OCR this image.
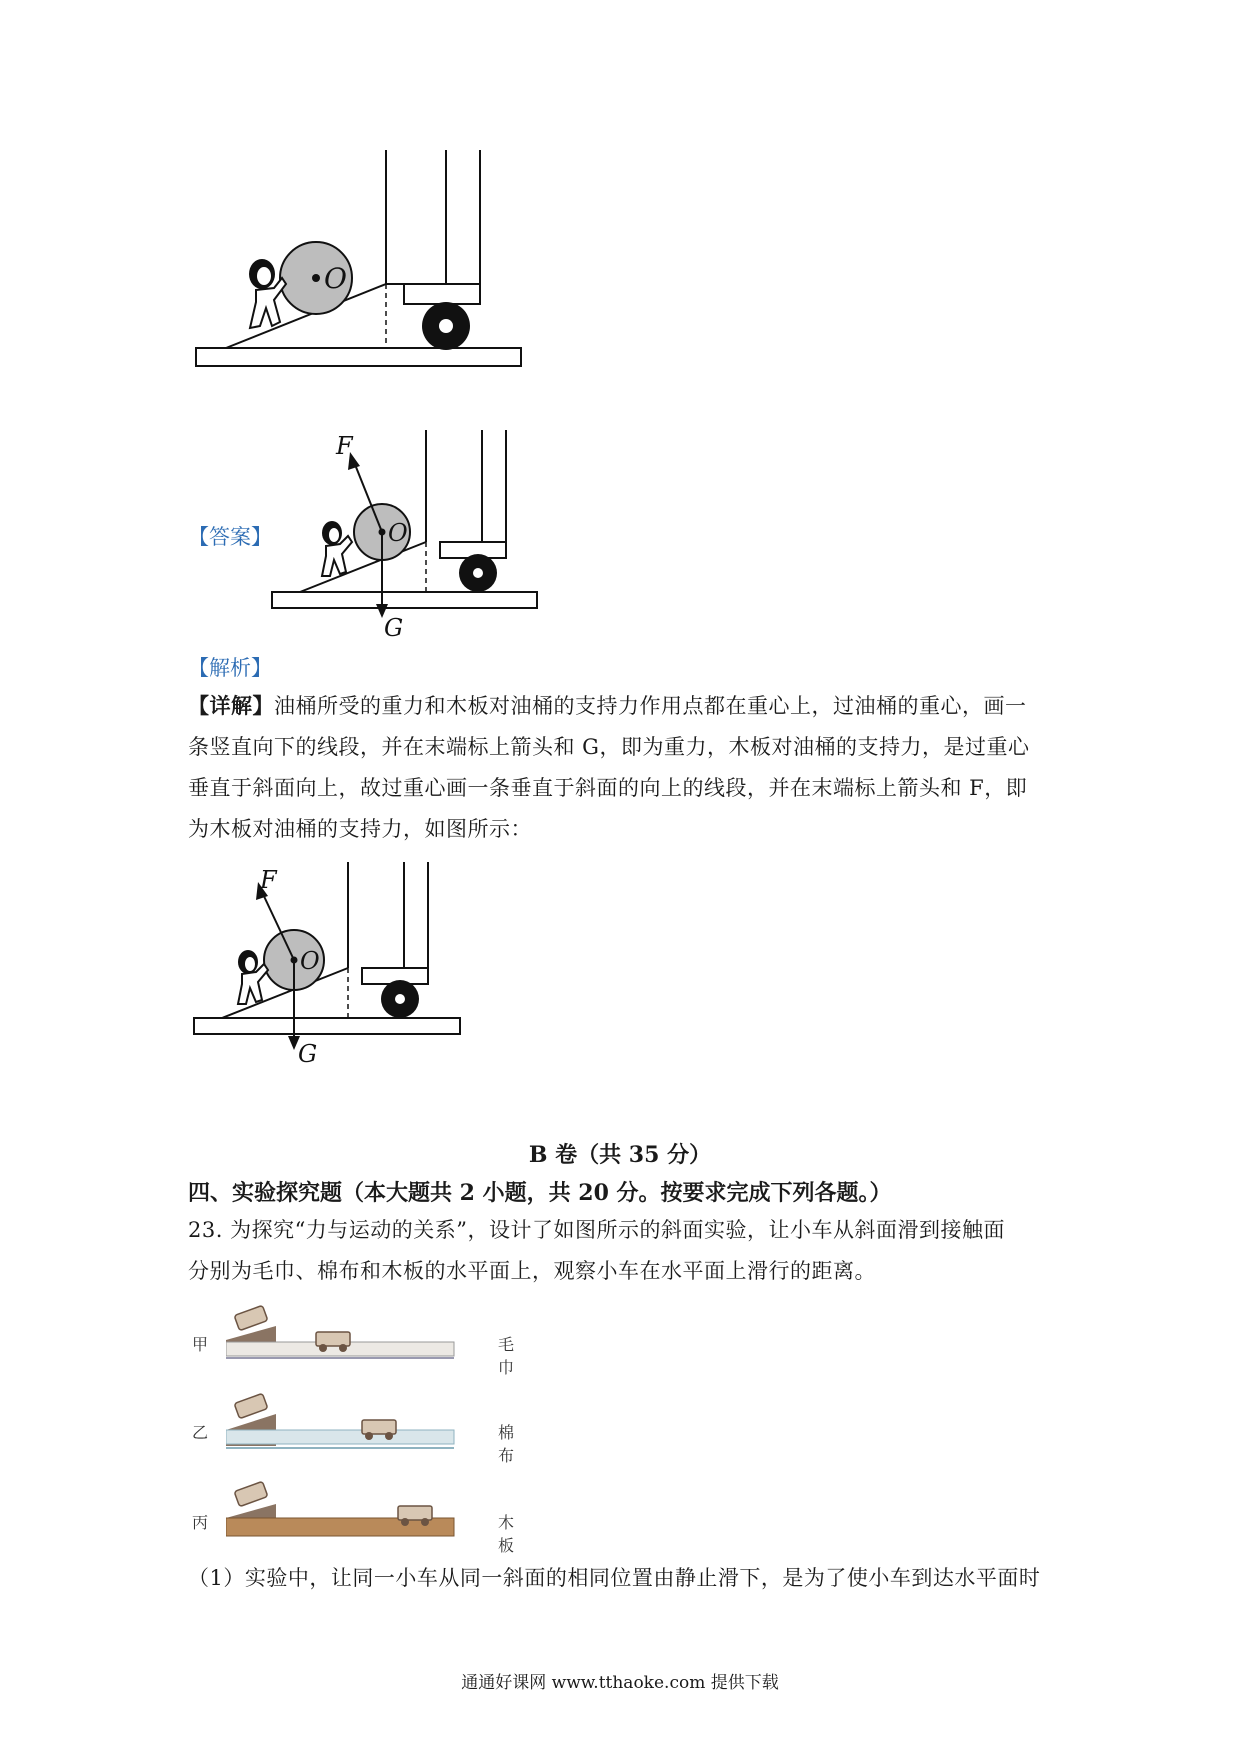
O
【答案】	O
F
G
【解析】
【详解】油桶所受的重力和木板对油桶的支持力作用点都在重心上，过油桶的重心，画一
条竖直向下的线段，并在末端标上箭头和 G，即为重力，木板对油桶的支持力，是过重心
垂直于斜面向上，故过重心画一条垂直于斜面的向上的线段，并在末端标上箭头和 F，即
为木板对油桶的支持力，如图所示：
O
F
G
B 卷（共 35 分）
四、实验探究题（本大题共 2 小题，共 20 分。按要求完成下列各题。）
23. 为探究“力与运动的关系”，设计了如图所示的斜面实验，让小车从斜面滑到接触面
分别为毛巾、棉布和木板的水平面上，观察小车在水平面上滑行的距离。
甲
乙
丙
毛巾
棉布
木板
（1）实验中，让同一小车从同一斜面的相同位置由静止滑下，是为了使小车到达水平面时
通通好课网 www.tthaoke.com 提供下载
